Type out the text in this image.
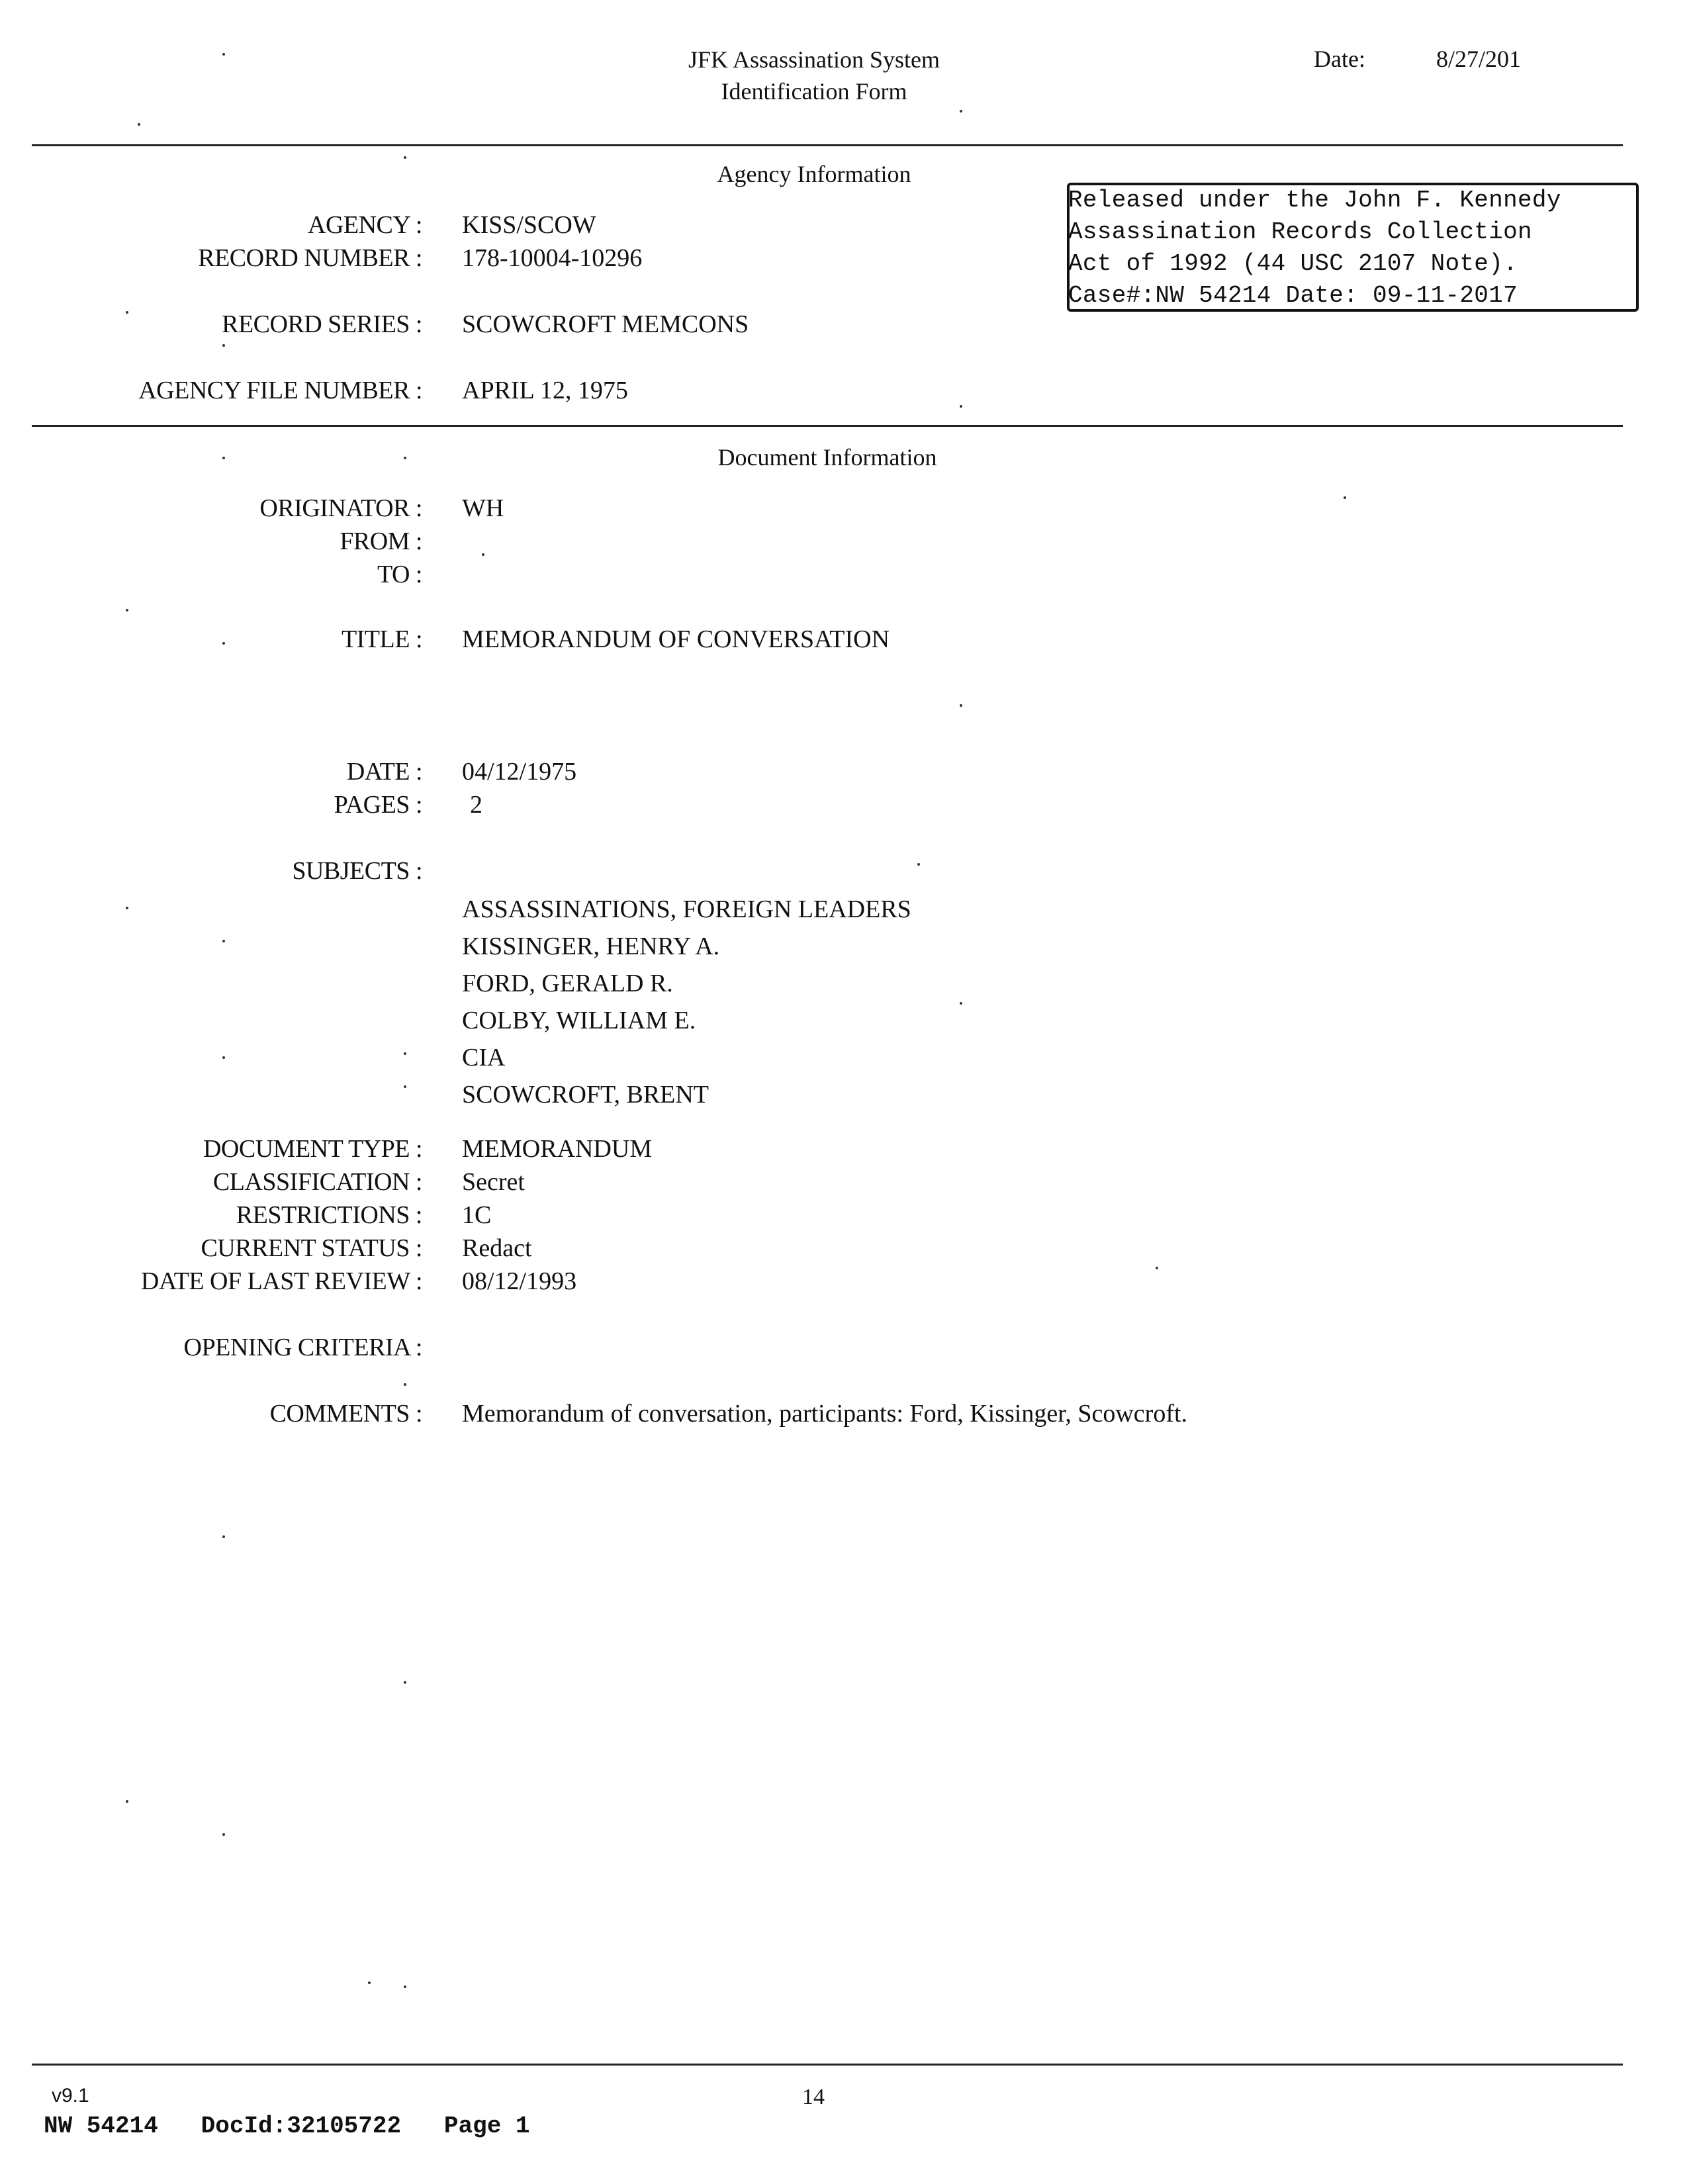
JFK Assassination System
Identification Form
Date:	8/27/201
Agency Information
AGENCY : KISS/SCOW
RECORD NUMBER : 178-10004-10296
RECORD SERIES : SCOWCROFT MEMCONS
AGENCY FILE NUMBER : APRIL 12, 1975
Released under the John F. Kennedy
Assassination Records Collection
Act of 1992 (44 USC 2107 Note).
Case#:NW 54214 Date: 09-11-2017
Document Information
ORIGINATOR : WH
FROM :
TO :
TITLE : MEMORANDUM OF CONVERSATION
DATE : 04/12/1975
PAGES : 2
SUBJECTS :
ASSASSINATIONS, FOREIGN LEADERS
KISSINGER, HENRY A.
FORD, GERALD R.
COLBY, WILLIAM E.
CIA
SCOWCROFT, BRENT
DOCUMENT TYPE : MEMORANDUM
CLASSIFICATION : Secret
RESTRICTIONS : 1C
CURRENT STATUS : Redact
DATE OF LAST REVIEW : 08/12/1993
OPENING CRITERIA :
COMMENTS : Memorandum of conversation, participants: Ford, Kissinger, Scowcroft.
v9.1	14
NW 54214   DocId:32105722   Page 1
